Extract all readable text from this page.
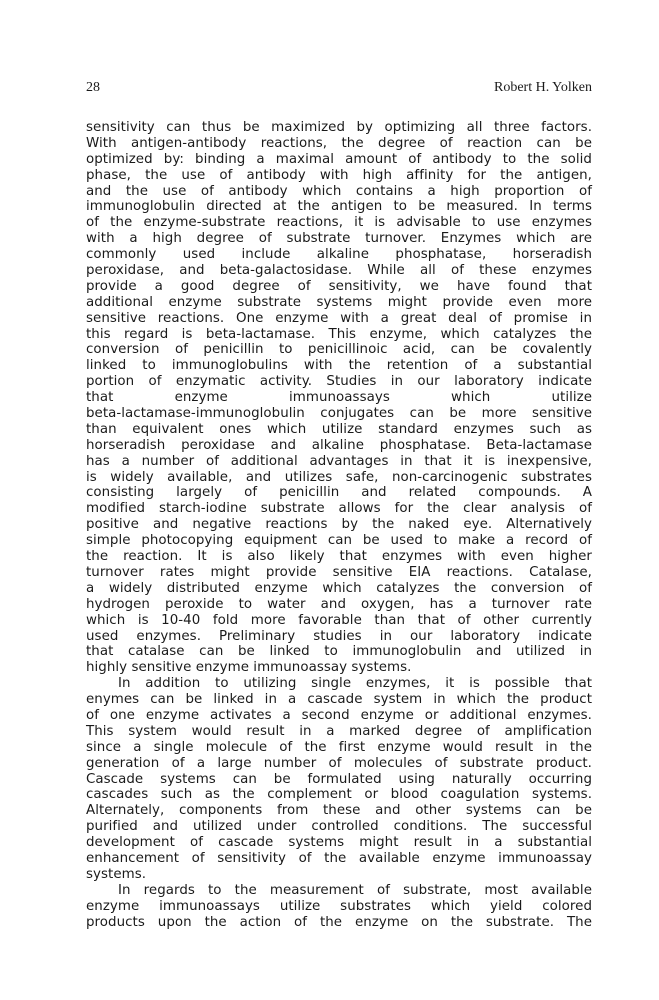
28	Robert H. Yolken
sensitivity can thus be maximized by optimizing all three factors.
With antigen-antibody reactions, the degree of reaction can be
optimized by: binding a maximal amount of antibody to the solid
phase, the use of antibody with high affinity for the antigen,
and the use of antibody which contains a high proportion of
immunoglobulin directed at the antigen to be measured. In terms
of the enzyme-substrate reactions, it is advisable to use enzymes
with a high degree of substrate turnover. Enzymes which are
commonly used include alkaline phosphatase, horseradish
peroxidase, and beta-galactosidase. While all of these enzymes
provide a good degree of sensitivity, we have found that
additional enzyme substrate systems might provide even more
sensitive reactions. One enzyme with a great deal of promise in
this regard is beta-lactamase. This enzyme, which catalyzes the
conversion of penicillin to penicillinoic acid, can be covalently
linked to immunoglobulins with the retention of a substantial
portion of enzymatic activity. Studies in our laboratory indicate
that enzyme immunoassays which utilize
beta-lactamase-immunoglobulin conjugates can be more sensitive
than equivalent ones which utilize standard enzymes such as
horseradish peroxidase and alkaline phosphatase. Beta-lactamase
has a number of additional advantages in that it is inexpensive,
is widely available, and utilizes safe, non-carcinogenic substrates
consisting largely of penicillin and related compounds. A
modified starch-iodine substrate allows for the clear analysis of
positive and negative reactions by the naked eye. Alternatively
simple photocopying equipment can be used to make a record of
the reaction. It is also likely that enzymes with even higher
turnover rates might provide sensitive EIA reactions. Catalase,
a widely distributed enzyme which catalyzes the conversion of
hydrogen peroxide to water and oxygen, has a turnover rate
which is 10-40 fold more favorable than that of other currently
used enzymes. Preliminary studies in our laboratory indicate
that catalase can be linked to immunoglobulin and utilized in
highly sensitive enzyme immunoassay systems.
In addition to utilizing single enzymes, it is possible that
enymes can be linked in a cascade system in which the product
of one enzyme activates a second enzyme or additional enzymes.
This system would result in a marked degree of amplification
since a single molecule of the first enzyme would result in the
generation of a large number of molecules of substrate product.
Cascade systems can be formulated using naturally occurring
cascades such as the complement or blood coagulation systems.
Alternately, components from these and other systems can be
purified and utilized under controlled conditions. The successful
development of cascade systems might result in a substantial
enhancement of sensitivity of the available enzyme immunoassay
systems.
In regards to the measurement of substrate, most available
enzyme immunoassays utilize substrates which yield colored
products upon the action of the enzyme on the substrate. The
